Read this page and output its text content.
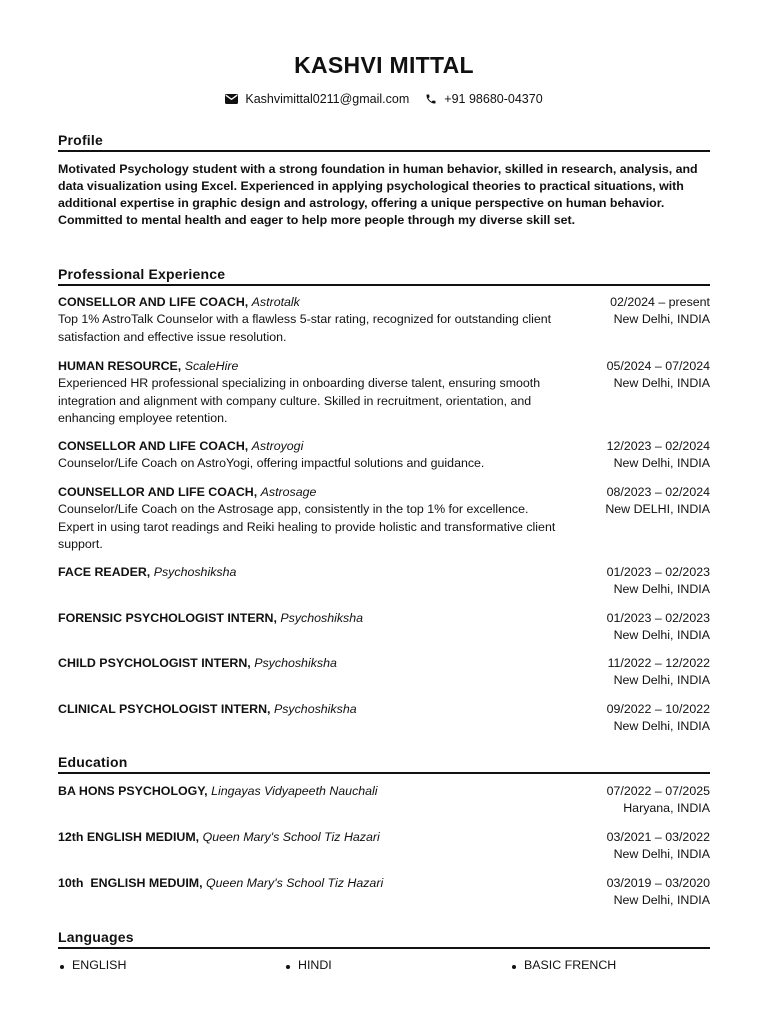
KASHVI MITTAL
Kashvimittal0211@gmail.com	+91 98680-04370
Profile
Motivated Psychology student with a strong foundation in human behavior, skilled in research, analysis, and data visualization using Excel. Experienced in applying psychological theories to practical situations, with additional expertise in graphic design and astrology, offering a unique perspective on human behavior. Committed to mental health and eager to help more people through my diverse skill set.
Professional Experience
CONSELLOR AND LIFE COACH, Astrotalk
Top 1% AstroTalk Counselor with a flawless 5-star rating, recognized for outstanding client satisfaction and effective issue resolution.
02/2024 – present
New Delhi, INDIA
HUMAN RESOURCE, ScaleHire
Experienced HR professional specializing in onboarding diverse talent, ensuring smooth integration and alignment with company culture. Skilled in recruitment, orientation, and enhancing employee retention.
05/2024 – 07/2024
New Delhi, INDIA
CONSELLOR AND LIFE COACH, Astroyogi
Counselor/Life Coach on AstroYogi, offering impactful solutions and guidance.
12/2023 – 02/2024
New Delhi, INDIA
COUNSELLOR AND LIFE COACH, Astrosage
Counselor/Life Coach on the Astrosage app, consistently in the top 1% for excellence. Expert in using tarot readings and Reiki healing to provide holistic and transformative client support.
08/2023 – 02/2024
New DELHI, INDIA
FACE READER, Psychoshiksha	01/2023 – 02/2023
New Delhi, INDIA
FORENSIC PSYCHOLOGIST INTERN, Psychoshiksha	01/2023 – 02/2023
New Delhi, INDIA
CHILD PSYCHOLOGIST INTERN, Psychoshiksha	11/2022 – 12/2022
New Delhi, INDIA
CLINICAL PSYCHOLOGIST INTERN, Psychoshiksha	09/2022 – 10/2022
New Delhi, INDIA
Education
BA HONS PSYCHOLOGY, Lingayas Vidyapeeth Nauchali	07/2022 – 07/2025
Haryana, INDIA
12th ENGLISH MEDIUM, Queen Mary's School Tiz Hazari	03/2021 – 03/2022
New Delhi, INDIA
10th  ENGLISH MEDUIM, Queen Mary's School Tiz Hazari	03/2019 – 03/2020
New Delhi, INDIA
Languages
ENGLISH	HINDI	BASIC FRENCH
